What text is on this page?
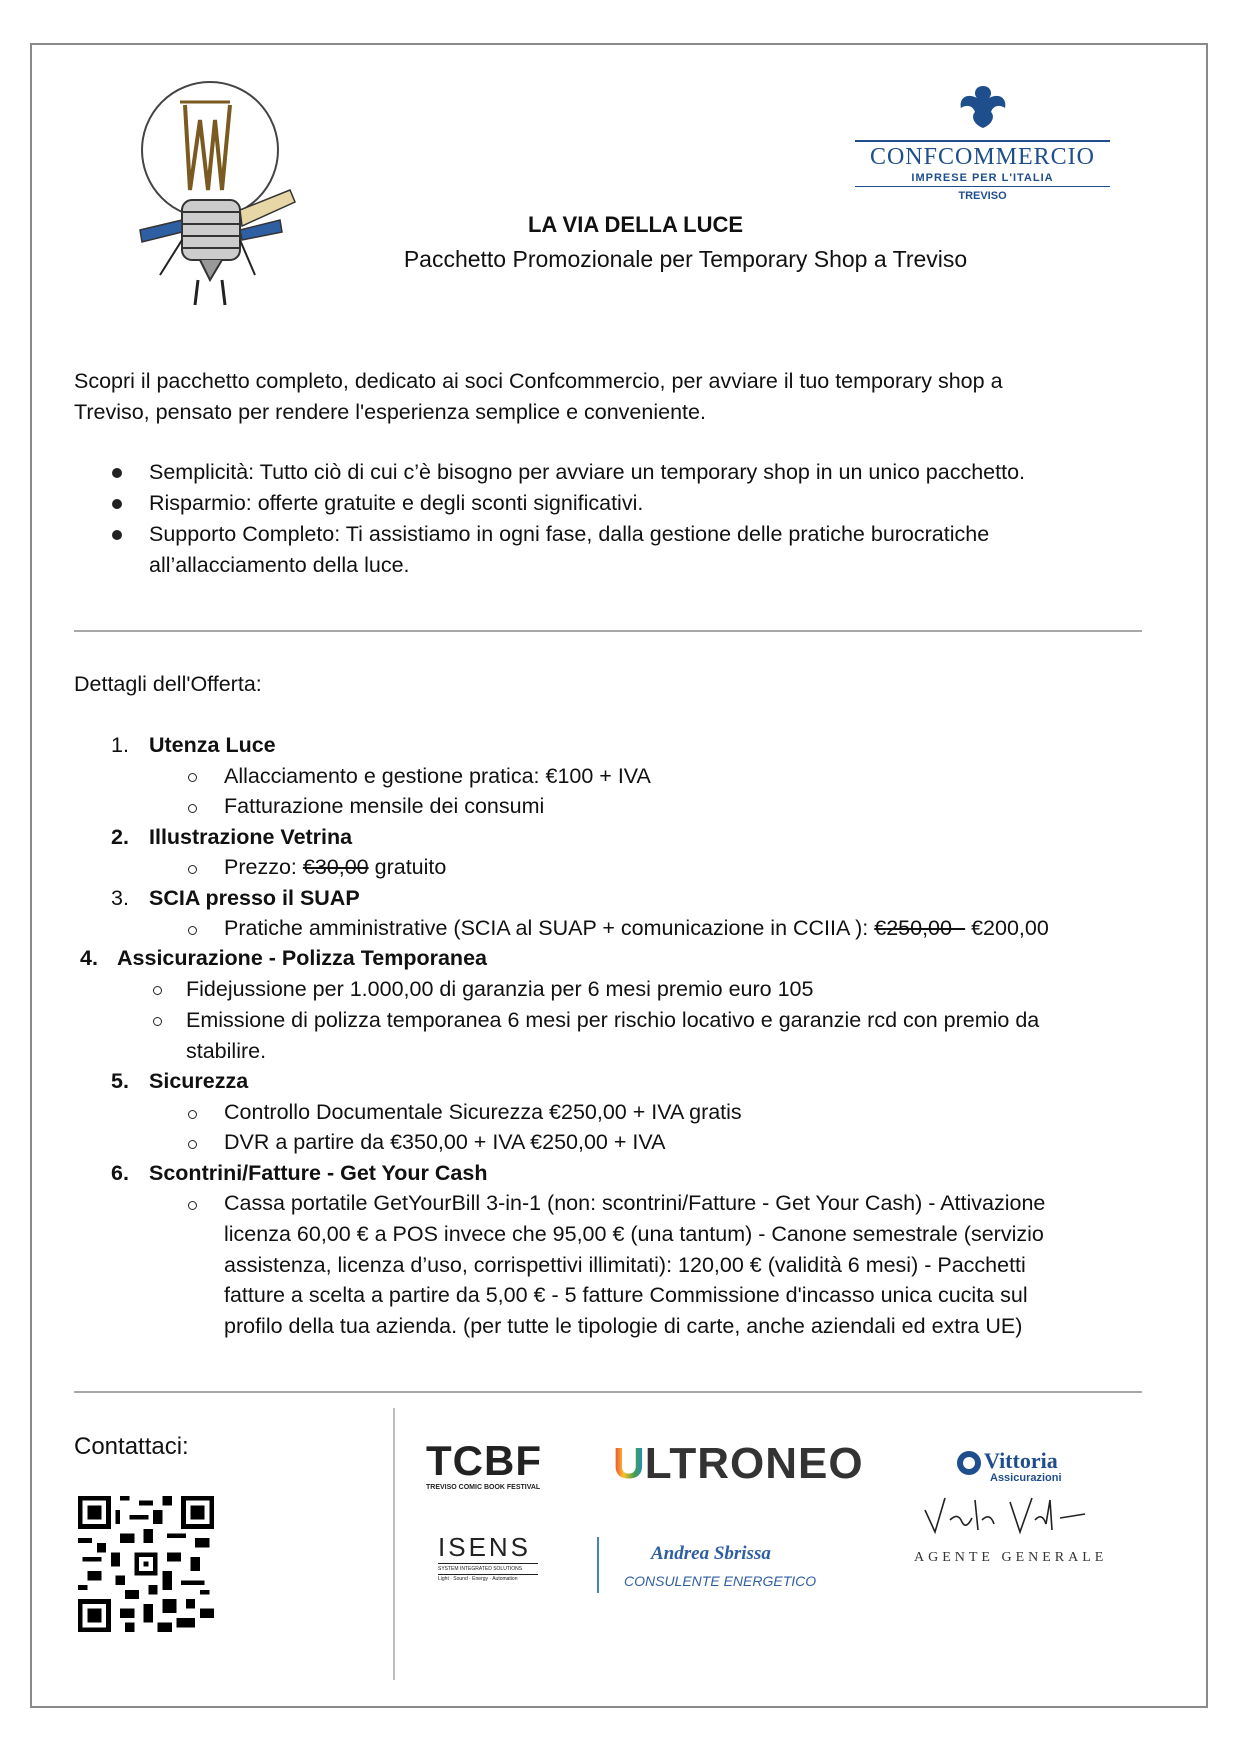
CONFCOMMERCIO
IMPRESE PER L'ITALIA
TREVISO
LA VIA DELLA LUCE
Pacchetto Promozionale per Temporary Shop a Treviso
Scopri il pacchetto completo, dedicato ai soci Confcommercio, per avviare il tuo temporary shop a
Treviso, pensato per rendere l'esperienza semplice e conveniente.
Semplicità: Tutto ciò di cui c’è bisogno per avviare un temporary shop in un unico pacchetto.
Risparmio: offerte gratuite e degli sconti significativi.
Supporto Completo: Ti assistiamo in ogni fase, dalla gestione delle pratiche burocratiche
all’allacciamento della luce.
Dettagli dell'Offerta:
1. Utenza Luce
Allacciamento e gestione pratica: €100 + IVA
Fatturazione mensile dei consumi
2. Illustrazione Vetrina
Prezzo: €30,00 gratuito
3. SCIA presso il SUAP
Pratiche amministrative (SCIA al SUAP + comunicazione in CCIIA ): €250,00 - €200,00
4. Assicurazione - Polizza Temporanea
Fidejussione per 1.000,00 di garanzia per 6 mesi premio euro 105
Emissione di polizza temporanea 6 mesi per rischio locativo e garanzie rcd con premio da
stabilire.
5. Sicurezza
Controllo Documentale Sicurezza €250,00 + IVA gratis
DVR a partire da €350,00 + IVA €250,00 + IVA
6. Scontrini/Fatture - Get Your Cash
Cassa portatile GetYourBill 3-in-1 (non: scontrini/Fatture - Get Your Cash) - Attivazione
licenza 60,00 € a POS invece che 95,00 € (una tantum) - Canone semestrale (servizio
assistenza, licenza d’uso, corrispettivi illimitati): 120,00 € (validità 6 mesi) - Pacchetti
fatture a scelta a partire da 5,00 € - 5 fatture Commissione d'incasso unica cucita sul
profilo della tua azienda. (per tutte le tipologie di carte, anche aziendali ed extra UE)
Contattaci:	TCBF
TREVISO COMIC BOOK FESTIVAL	ULTRONEO	Vittoria
Assicurazioni
AGENTE GENERALE
ISENS
SYSTEM INTEGRATED SOLUTIONS
Light · Sound · Energy · Automation
Andrea Sbrissa
CONSULENTE ENERGETICO
